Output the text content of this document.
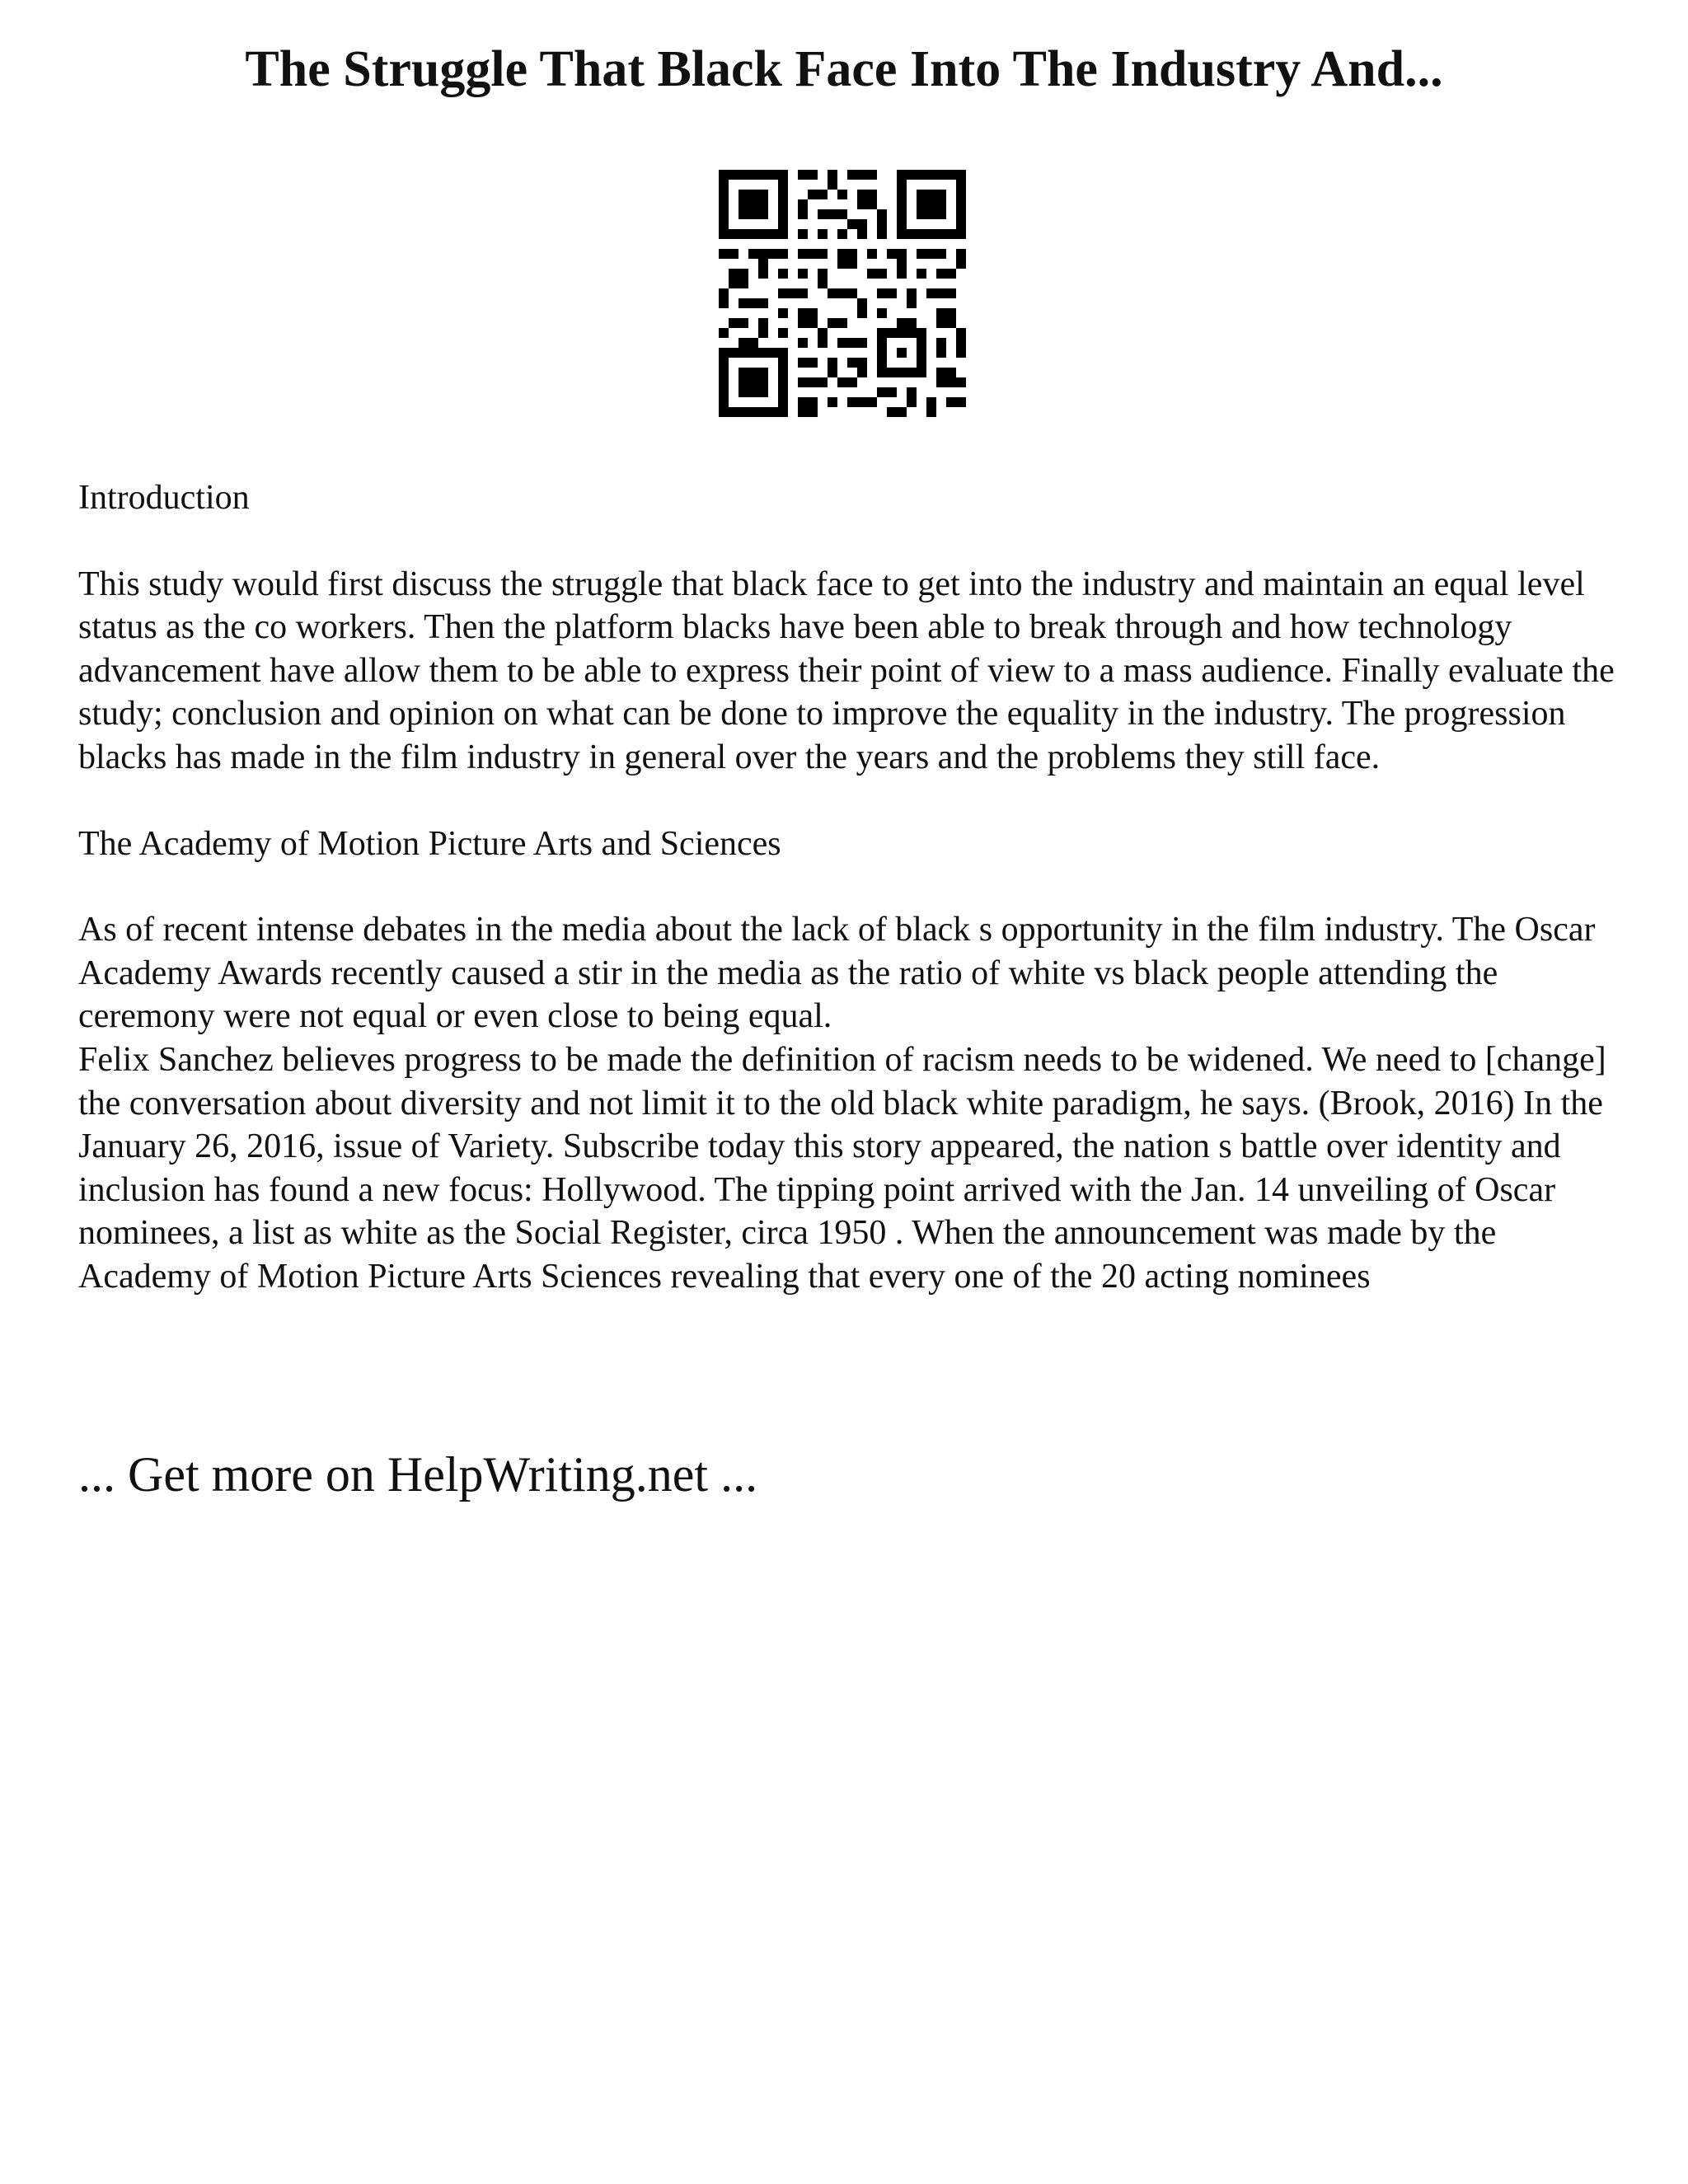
The Struggle That Black Face Into The Industry And...

Introduction

This study would first discuss the struggle that black face to get into the industry and maintain an equal level status as the co workers. Then the platform blacks have been able to break through and how technology advancement have allow them to be able to express their point of view to a mass audience. Finally evaluate the study; conclusion and opinion on what can be done to improve the equality in the industry. The progression blacks has made in the film industry in general over the years and the problems they still face.

The Academy of Motion Picture Arts and Sciences

As of recent intense debates in the media about the lack of black s opportunity in the film industry. The Oscar Academy Awards recently caused a stir in the media as the ratio of white vs black people attending the ceremony were not equal or even close to being equal.

Felix Sanchez believes progress to be made the definition of racism needs to be widened. We need to [change] the conversation about diversity and not limit it to the old black white paradigm, he says. (Brook, 2016) In the January 26, 2016, issue of Variety. Subscribe today this story appeared, the nation s battle over identity and inclusion has found a new focus: Hollywood. The tipping point arrived with the Jan. 14 unveiling of Oscar nominees, a list as white as the Social Register, circa 1950 . When the announcement was made by the Academy of Motion Picture Arts Sciences revealing that every one of the 20 acting nominees

... Get more on HelpWriting.net ...
